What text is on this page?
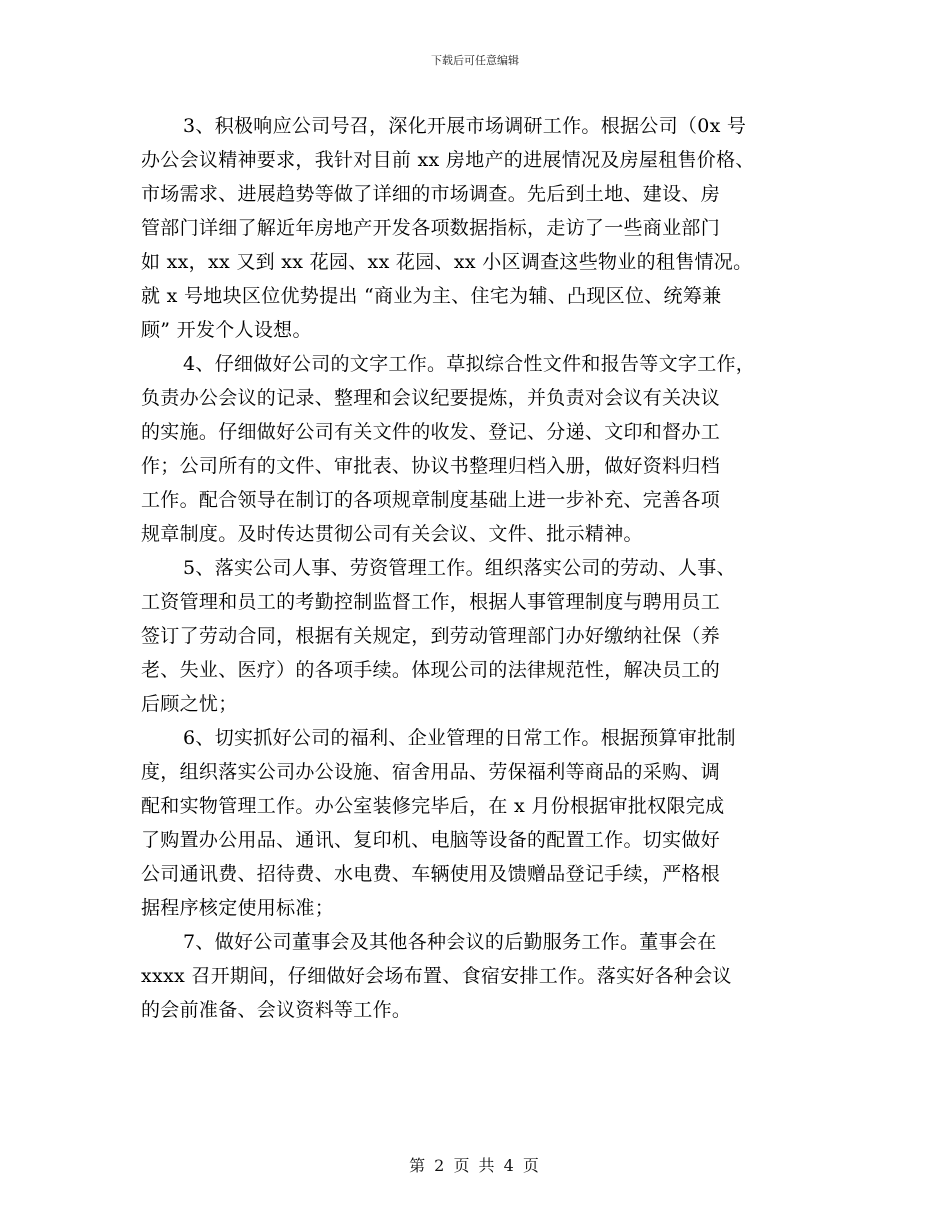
下载后可任意编辑
3、积极响应公司号召，深化开展市场调研工作。根据公司（0x 号
办公会议精神要求，我针对目前 xx 房地产的进展情况及房屋租售价格、
市场需求、进展趋势等做了详细的市场调查。先后到土地、建设、房
管部门详细了解近年房地产开发各项数据指标，走访了一些商业部门
如 xx，xx 又到 xx 花园、xx 花园、xx 小区调查这些物业的租售情况。
就 x 号地块区位优势提出 “商业为主、住宅为辅、凸现区位、统筹兼
顾” 开发个人设想。
4、仔细做好公司的文字工作。草拟综合性文件和报告等文字工作，
负责办公会议的记录、整理和会议纪要提炼，并负责对会议有关决议
的实施。仔细做好公司有关文件的收发、登记、分递、文印和督办工
作；公司所有的文件、审批表、协议书整理归档入册，做好资料归档
工作。配合领导在制订的各项规章制度基础上进一步补充、完善各项
规章制度。及时传达贯彻公司有关会议、文件、批示精神。
5、落实公司人事、劳资管理工作。组织落实公司的劳动、人事、
工资管理和员工的考勤控制监督工作，根据人事管理制度与聘用员工
签订了劳动合同，根据有关规定，到劳动管理部门办好缴纳社保（养
老、失业、医疗）的各项手续。体现公司的法律规范性，解决员工的
后顾之忧；
6、切实抓好公司的福利、企业管理的日常工作。根据预算审批制
度，组织落实公司办公设施、宿舍用品、劳保福利等商品的采购、调
配和实物管理工作。办公室装修完毕后，在 x 月份根据审批权限完成
了购置办公用品、通讯、复印机、电脑等设备的配置工作。切实做好
公司通讯费、招待费、水电费、车辆使用及馈赠品登记手续，严格根
据程序核定使用标准；
7、做好公司董事会及其他各种会议的后勤服务工作。董事会在
xxxx 召开期间，仔细做好会场布置、食宿安排工作。落实好各种会议
的会前准备、会议资料等工作。
第 2 页 共 4 页
